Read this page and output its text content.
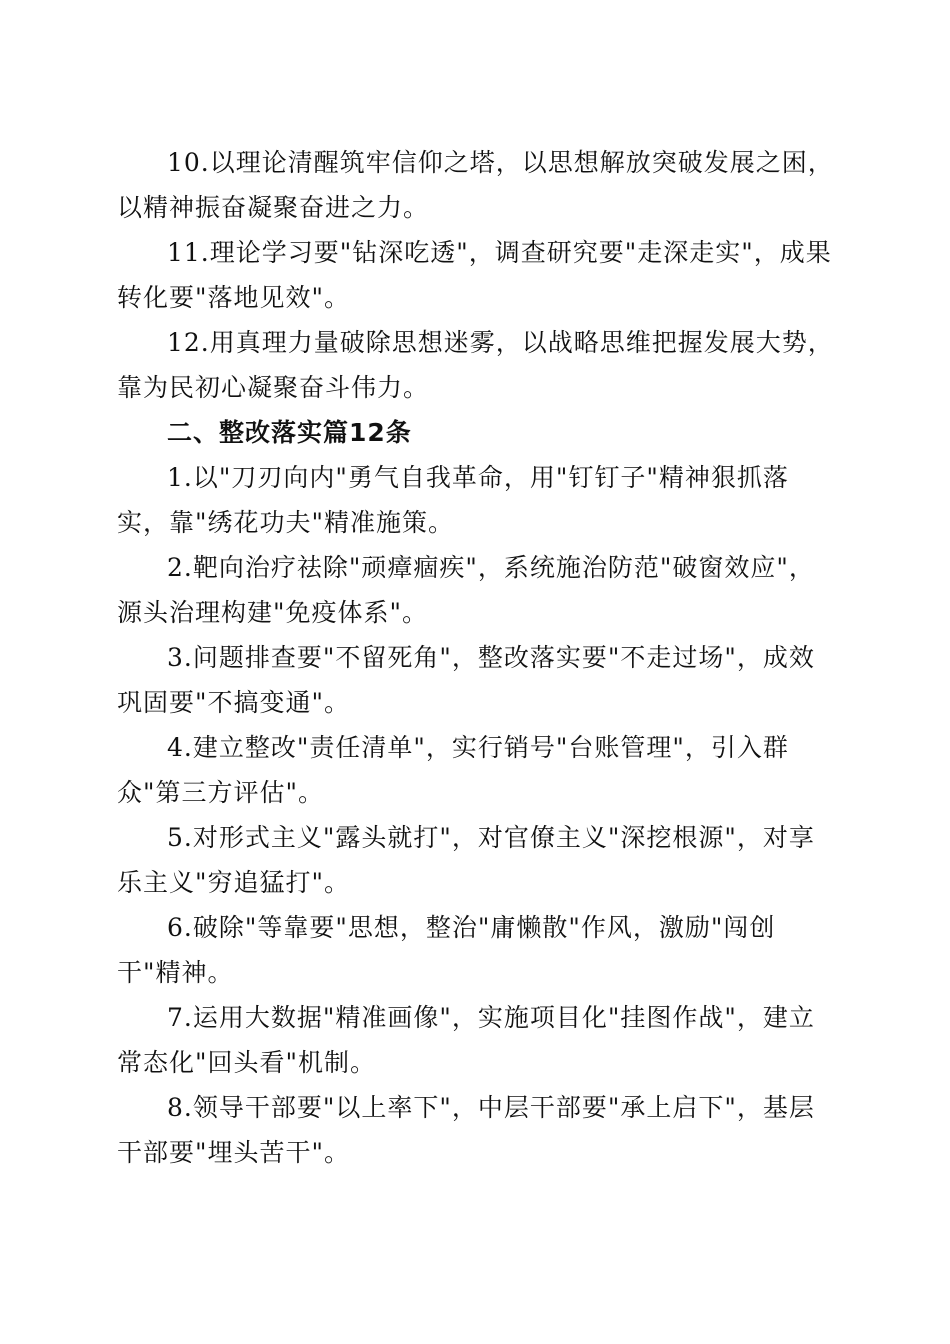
10.以理论清醒筑牢信仰之塔，以思想解放突破发展之困，以精神振奋凝聚奋进之力。

11.理论学习要"钻深吃透"，调查研究要"走深走实"，成果转化要"落地见效"。

12.用真理力量破除思想迷雾，以战略思维把握发展大势，靠为民初心凝聚奋斗伟力。

二、整改落实篇12条

1.以"刀刃向内"勇气自我革命，用"钉钉子"精神狠抓落实，靠"绣花功夫"精准施策。

2.靶向治疗祛除"顽瘴痼疾"，系统施治防范"破窗效应"，源头治理构建"免疫体系"。

3.问题排查要"不留死角"，整改落实要"不走过场"，成效巩固要"不搞变通"。

4.建立整改"责任清单"，实行销号"台账管理"，引入群众"第三方评估"。

5.对形式主义"露头就打"，对官僚主义"深挖根源"，对享乐主义"穷追猛打"。

6.破除"等靠要"思想，整治"庸懒散"作风，激励"闯创干"精神。

7.运用大数据"精准画像"，实施项目化"挂图作战"，建立常态化"回头看"机制。

8.领导干部要"以上率下"，中层干部要"承上启下"，基层干部要"埋头苦干"。
